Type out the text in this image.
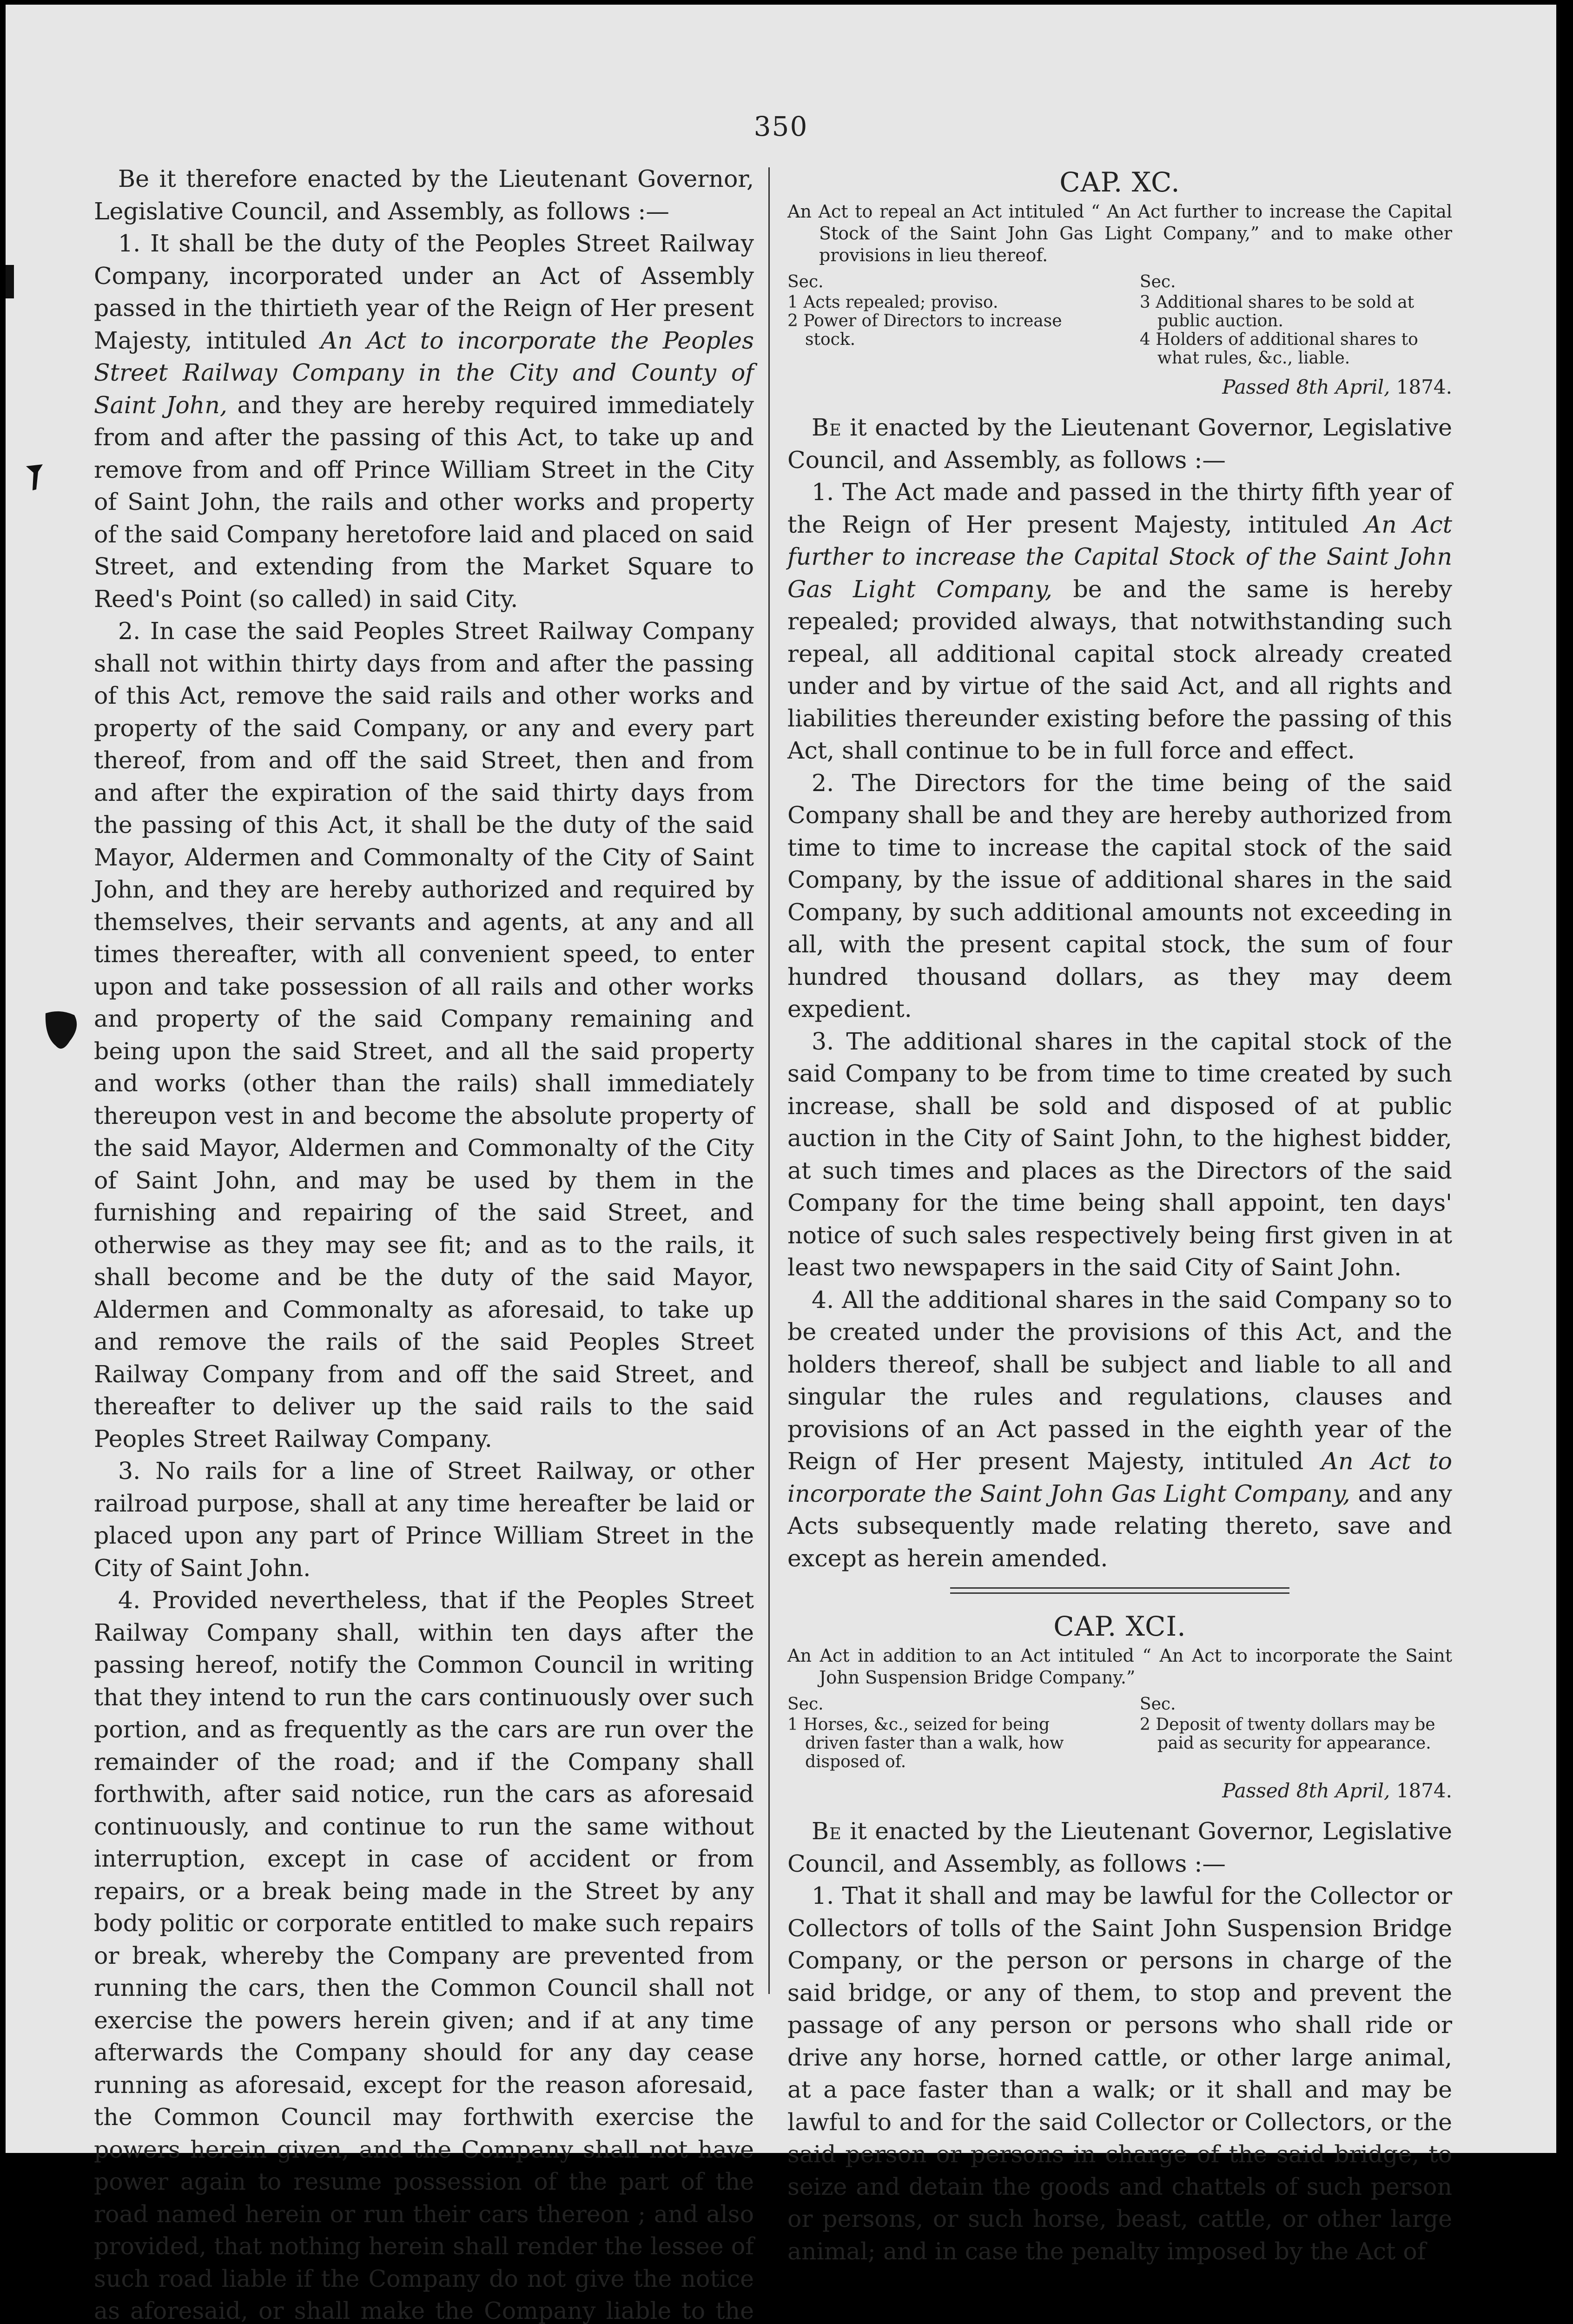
350

Be it therefore enacted by the Lieutenant Governor, Legislative Council, and Assembly, as follows :—

1. It shall be the duty of the Peoples Street Railway Company, incorporated under an Act of Assembly passed in the thirtieth year of the Reign of Her present Majesty, intituled An Act to incorporate the Peoples Street Railway Company in the City and County of Saint John, and they are hereby required immediately from and after the passing of this Act, to take up and remove from and off Prince William Street in the City of Saint John, the rails and other works and property of the said Company heretofore laid and placed on said Street, and extending from the Market Square to Reed's Point (so called) in said City.

2. In case the said Peoples Street Railway Company shall not within thirty days from and after the passing of this Act, remove the said rails and other works and property of the said Company, or any and every part thereof, from and off the said Street, then and from and after the expiration of the said thirty days from the passing of this Act, it shall be the duty of the said Mayor, Aldermen and Commonalty of the City of Saint John, and they are hereby authorized and required by themselves, their servants and agents, at any and all times thereafter, with all convenient speed, to enter upon and take possession of all rails and other works and property of the said Company remaining and being upon the said Street, and all the said property and works (other than the rails) shall immediately thereupon vest in and become the absolute property of the said Mayor, Aldermen and Commonalty of the City of Saint John, and may be used by them in the furnishing and repairing of the said Street, and otherwise as they may see fit; and as to the rails, it shall become and be the duty of the said Mayor, Aldermen and Commonalty as aforesaid, to take up and remove the rails of the said Peoples Street Railway Company from and off the said Street, and thereafter to deliver up the said rails to the said Peoples Street Railway Company.

3. No rails for a line of Street Railway, or other railroad purpose, shall at any time hereafter be laid or placed upon any part of Prince William Street in the City of Saint John.

4. Provided nevertheless, that if the Peoples Street Railway Company shall, within ten days after the passing hereof, notify the Common Council in writing that they intend to run the cars continuously over such portion, and as frequently as the cars are run over the remainder of the road; and if the Company shall forthwith, after said notice, run the cars as aforesaid continuously, and continue to run the same without interruption, except in case of accident or from repairs, or a break being made in the Street by any body politic or corporate entitled to make such repairs or break, whereby the Company are prevented from running the cars, then the Common Council shall not exercise the powers herein given; and if at any time afterwards the Company should for any day cease running as aforesaid, except for the reason aforesaid, the Common Council may forthwith exercise the powers herein given, and the Company shall not have power again to resume possession of the part of the road named herein or run their cars thereon ; and also provided, that nothing herein shall render the lessee of such road liable if the Company do not give the notice as aforesaid, or shall make the Company liable to the

CAP. XC.
An Act to repeal an Act intituled “ An Act further to increase the Capital Stock of the Saint John Gas Light Company,” and to make other provisions in lieu thereof.
Sec.
1 Acts repealed; proviso.
2 Power of Directors to increase stock.
Sec.
3 Additional shares to be sold at public auction.
4 Holders of additional shares to what rules, &c., liable.
Passed 8th April, 1874.

Be it enacted by the Lieutenant Governor, Legislative Council, and Assembly, as follows :—

1. The Act made and passed in the thirty fifth year of the Reign of Her present Majesty, intituled An Act further to increase the Capital Stock of the Saint John Gas Light Company, be and the same is hereby repealed; provided always, that notwithstanding such repeal, all additional capital stock already created under and by virtue of the said Act, and all rights and liabilities thereunder existing before the passing of this Act, shall continue to be in full force and effect.

2. The Directors for the time being of the said Company shall be and they are hereby authorized from time to time to increase the capital stock of the said Company, by the issue of additional shares in the said Company, by such additional amounts not exceeding in all, with the present capital stock, the sum of four hundred thousand dollars, as they may deem expedient.

3. The additional shares in the capital stock of the said Company to be from time to time created by such increase, shall be sold and disposed of at public auction in the City of Saint John, to the highest bidder, at such times and places as the Directors of the said Company for the time being shall appoint, ten days' notice of such sales respectively being first given in at least two newspapers in the said City of Saint John.

4. All the additional shares in the said Company so to be created under the provisions of this Act, and the holders thereof, shall be subject and liable to all and singular the rules and regulations, clauses and provisions of an Act passed in the eighth year of the Reign of Her present Majesty, intituled An Act to incorporate the Saint John Gas Light Company, and any Acts subsequently made relating thereto, save and except as herein amended.

CAP. XCI.
An Act in addition to an Act intituled “ An Act to incorporate the Saint John Suspension Bridge Company.”
Sec.
1 Horses, &c., seized for being driven faster than a walk, how disposed of.
Sec.
2 Deposit of twenty dollars may be paid as security for appearance.
Passed 8th April, 1874.

Be it enacted by the Lieutenant Governor, Legislative Council, and Assembly, as follows :—

1. That it shall and may be lawful for the Collector or Collectors of tolls of the Saint John Suspension Bridge Company, or the person or persons in charge of the said bridge, or any of them, to stop and prevent the passage of any person or persons who shall ride or drive any horse, horned cattle, or other large animal, at a pace faster than a walk; or it shall and may be lawful to and for the said Collector or Collectors, or the said person or persons in charge of the said bridge, to seize and detain the goods and chattels of such person or persons, or such horse, beast, cattle, or other large animal; and in case the penalty imposed by the Act of
